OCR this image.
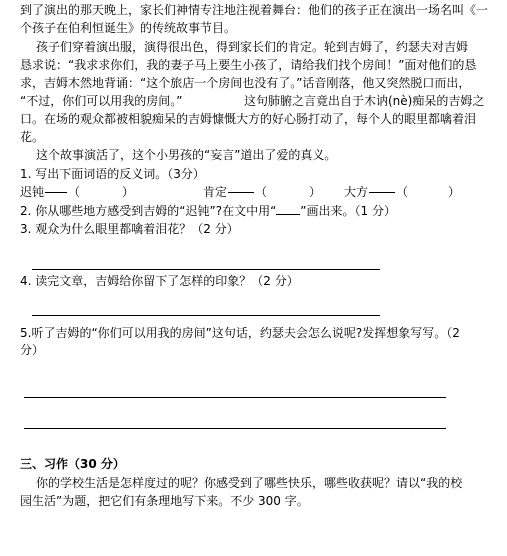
到了演出的那天晚上，家长们神情专注地注视着舞台：他们的孩子正在演出一场名叫《一
个孩子在伯利恒诞生》的传统故事节目。
孩子们穿着演出服，演得很出色，得到家长们的肯定。轮到吉姆了，约瑟夫对吉姆
恳求说：“我求求你们，我的妻子马上要生小孩了，请给我们找个房间！”面对他们的恳
求，吉姆木然地背诵：“这个旅店一个房间也没有了。”话音刚落，他又突然脱口而出，
“不过，你们可以用我的房间。”	这句肺腑之言竟出自于木讷(nè)痴呆的吉姆之
口。在场的观众都被相貌痴呆的吉姆慷慨大方的好心肠打动了，每个人的眼里都噙着泪
花。
这个故事演活了，这个小男孩的“妄言”道出了爱的真义。
1. 写出下面词语的反义词。（3分）
迟钝 （	）	肯定 （	） 大方 （	）
2. 你从哪些地方感受到吉姆的“迟钝”?在文中用“ ”画出来。（1 分）
3. 观众为什么眼里都噙着泪花？（2 分）
4. 读完文章，吉姆给你留下了怎样的印象？（2 分）
5.听了吉姆的“你们可以用我的房间”这句话，约瑟夫会怎么说呢?发挥想象写写。（2
分）
三、习作（30 分）
你的学校生活是怎样度过的呢？你感受到了哪些快乐，哪些收获呢？请以“我的校
园生活”为题，把它们有条理地写下来。不少 300 字。
